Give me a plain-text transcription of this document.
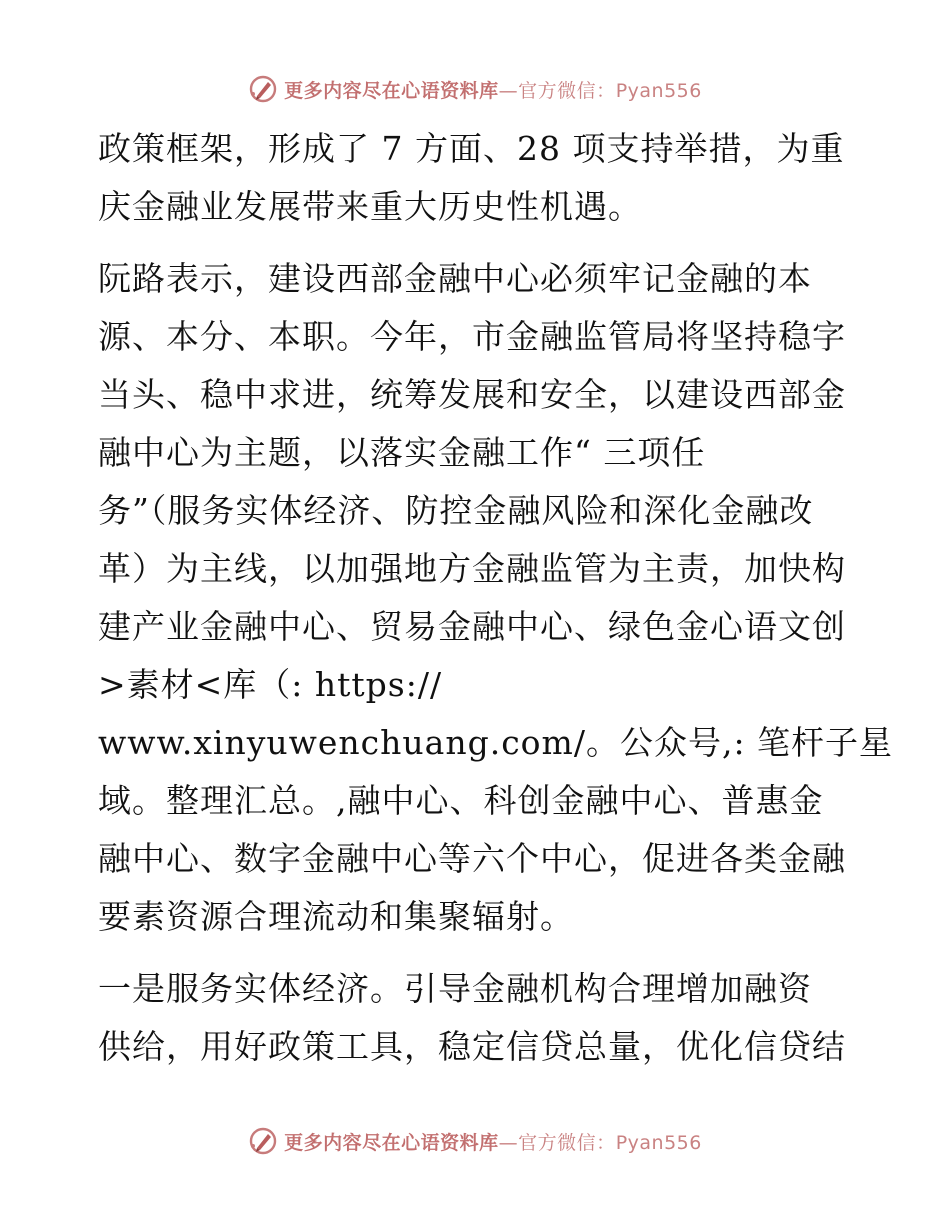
更多内容尽在心语资料库—官方微信：Pyan556
政策框架，形成了 7 方面、28 项支持举措，为重
庆金融业发展带来重大历史性机遇。
阮路表示，建设西部金融中心必须牢记金融的本
源、本分、本职。今年，市金融监管局将坚持稳字
当头、稳中求进，统筹发展和安全，以建设西部金
融中心为主题，以落实金融工作“ 三项任
务”（服务实体经济、防控金融风险和深化金融改
革）为主线，以加强地方金融监管为主责，加快构
建产业金融中心、贸易金融中心、绿色金心语文创
>素材<库（: https://
www.xinyuwenchuang.com/。公众号,: 笔杆子星
域。整理汇总。,融中心、科创金融中心、普惠金
融中心、数字金融中心等六个中心，促进各类金融
要素资源合理流动和集聚辐射。
一是服务实体经济。引导金融机构合理增加融资
供给，用好政策工具，稳定信贷总量，优化信贷结
更多内容尽在心语资料库—官方微信：Pyan556
